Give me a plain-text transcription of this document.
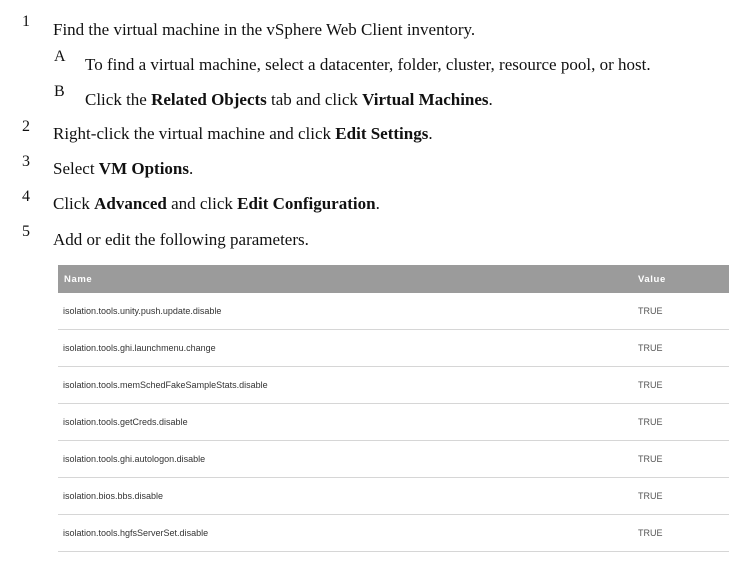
1 Find the virtual machine in the vSphere Web Client inventory.
A To find a virtual machine, select a datacenter, folder, cluster, resource pool, or host.
B Click the Related Objects tab and click Virtual Machines.
2 Right-click the virtual machine and click Edit Settings.
3 Select VM Options.
4 Click Advanced and click Edit Configuration.
5 Add or edit the following parameters.
Name	Value
isolation.tools.unity.push.update.disable	TRUE
isolation.tools.ghi.launchmenu.change	TRUE
isolation.tools.memSchedFakeSampleStats.disable	TRUE
isolation.tools.getCreds.disable	TRUE
isolation.tools.ghi.autologon.disable	TRUE
isolation.bios.bbs.disable	TRUE
isolation.tools.hgfsServerSet.disable	TRUE
